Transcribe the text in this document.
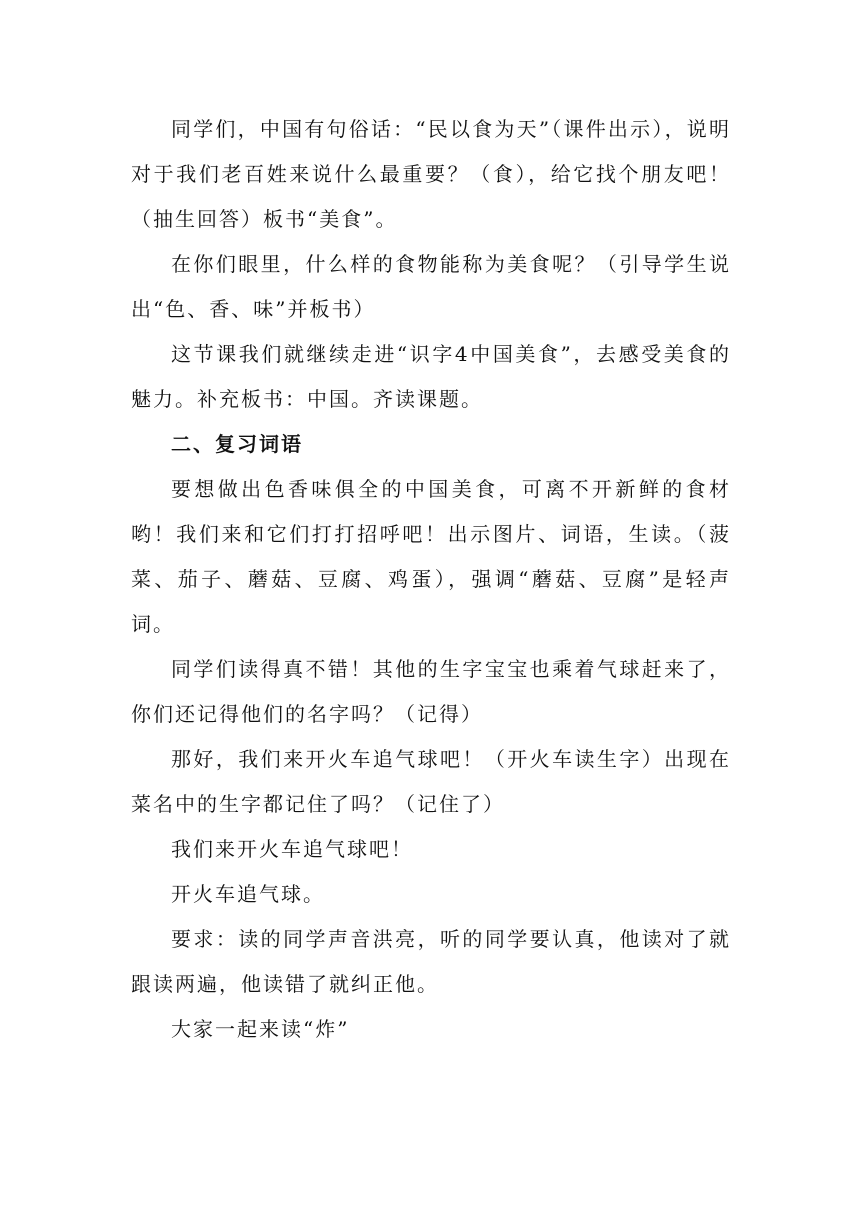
同学们，中国有句俗话：“民以食为天”（课件出示），说明对于我们老百姓来说什么最重要？（食），给它找个朋友吧！（抽生回答）板书“美食”。

在你们眼里，什么样的食物能称为美食呢？（引导学生说出“色、香、味”并板书）

这节课我们就继续走进“识字4中国美食”，去感受美食的魅力。补充板书：中国。齐读课题。

二、复习词语

要想做出色香味俱全的中国美食，可离不开新鲜的食材哟！我们来和它们打打招呼吧！出示图片、词语，生读。（菠菜、茄子、蘑菇、豆腐、鸡蛋），强调“蘑菇、豆腐”是轻声词。

同学们读得真不错！其他的生字宝宝也乘着气球赶来了，你们还记得他们的名字吗？（记得）

那好，我们来开火车追气球吧！（开火车读生字）出现在菜名中的生字都记住了吗？（记住了）

我们来开火车追气球吧！

开火车追气球。

要求：读的同学声音洪亮，听的同学要认真，他读对了就跟读两遍，他读错了就纠正他。

大家一起来读“炸”
